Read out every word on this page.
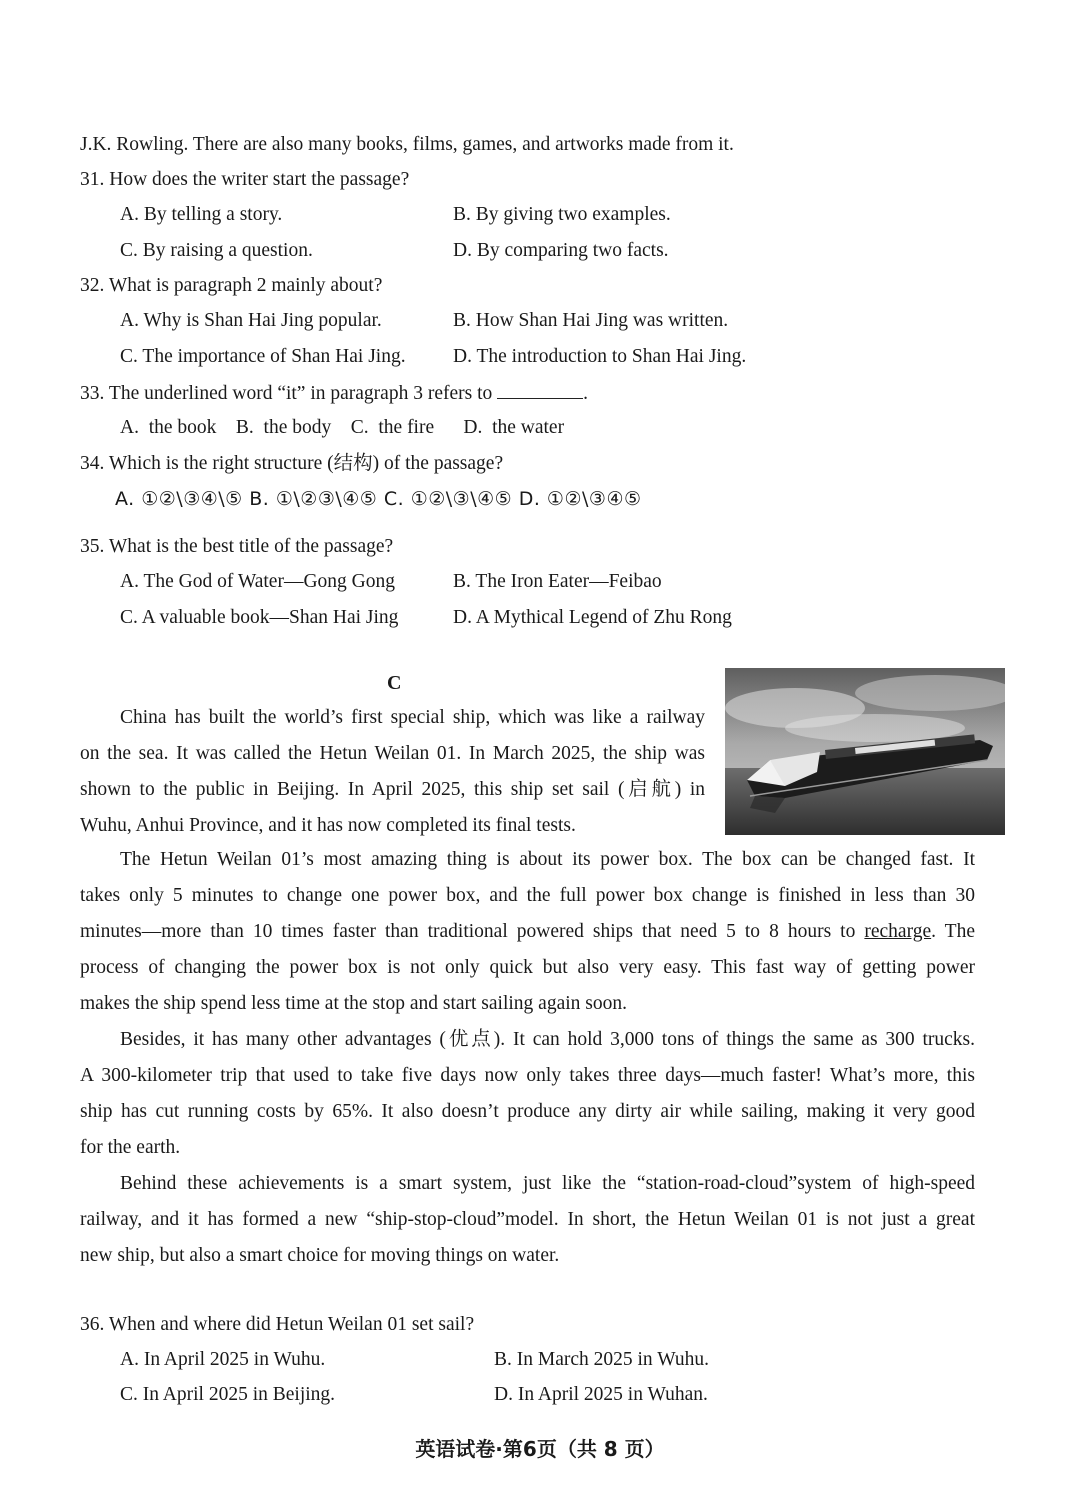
J.K. Rowling. There are also many books, films, games, and artworks made from it.
31. How does the writer start the passage?
A. By telling a story.	B. By giving two examples.
C. By raising a question.	D. By comparing two facts.
32. What is paragraph 2 mainly about?
A. Why is Shan Hai Jing popular.	B. How Shan Hai Jing was written.
C. The importance of Shan Hai Jing. D. The introduction to Shan Hai Jing.
33. The underlined word “it” in paragraph 3 refers to	.
A.  the book    B.  the body    C.  the fire      D.  the water
34. Which is the right structure (结构) of the passage?
A. ①②\③④\⑤ B. ①\②③\④⑤ C. ①②\③\④⑤ D. ①②\③④⑤
35. What is the best title of the passage?
A. The God of Water—Gong Gong	B. The Iron Eater—Feibao
C. A valuable book—Shan Hai Jing	D. A Mythical Legend of Zhu Rong
C
China has built the world’s first special ship, which was like a railway
on the sea. It was called the Hetun Weilan 01. In March 2025, the ship was
shown to the public in Beijing. In April 2025, this ship set sail (启航) in
Wuhu, Anhui Province, and it has now completed its final tests.
The Hetun Weilan 01’s most amazing thing is about its power box. The box can be changed fast. It
takes only 5 minutes to change one power box, and the full power box change is finished in less than 30
minutes—more than 10 times faster than traditional powered ships that need 5 to 8 hours to recharge. The
process of changing the power box is not only quick but also very easy. This fast way of getting power
makes the ship spend less time at the stop and start sailing again soon.
Besides, it has many other advantages (优点). It can hold 3,000 tons of things the same as 300 trucks.
A 300-kilometer trip that used to take five days now only takes three days—much faster! What’s more, this
ship has cut running costs by 65%. It also doesn’t produce any dirty air while sailing, making it very good
for the earth.
Behind these achievements is a smart system, just like the “station-road-cloud”system of high-speed
railway, and it has formed a new “ship-stop-cloud”model. In short, the Hetun Weilan 01 is not just a great
new ship, but also a smart choice for moving things on water.
36. When and where did Hetun Weilan 01 set sail?
A. In April 2025 in Wuhu.	B. In March 2025 in Wuhu.
C. In April 2025 in Beijing.	D. In April 2025 in Wuhan.
英语试卷·第6页（共 8 页）
